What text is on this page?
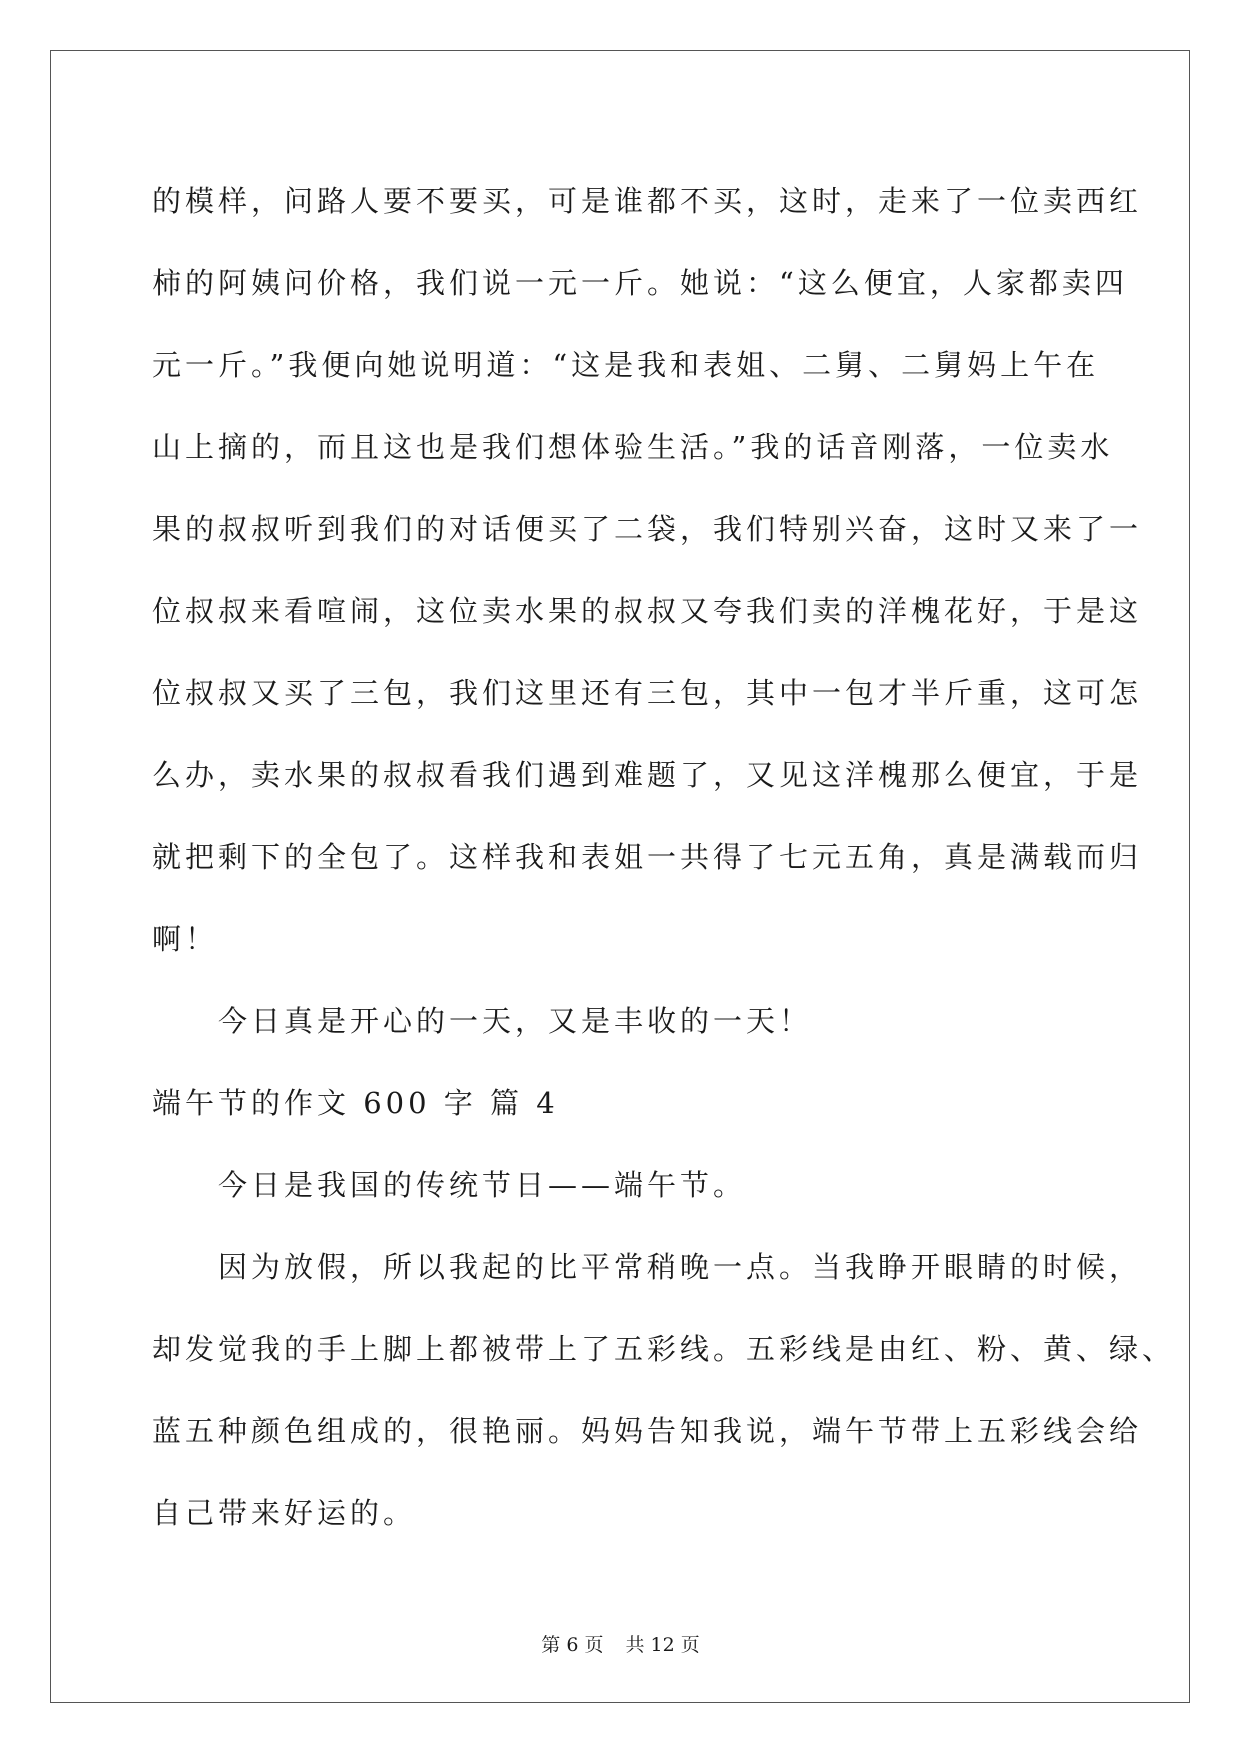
的模样，问路人要不要买，可是谁都不买，这时，走来了一位卖西红

柿的阿姨问价格，我们说一元一斤。她说：“这么便宜，人家都卖四

元一斤。”我便向她说明道：“这是我和表姐、二舅、二舅妈上午在

山上摘的，而且这也是我们想体验生活。”我的话音刚落，一位卖水

果的叔叔听到我们的对话便买了二袋，我们特别兴奋，这时又来了一

位叔叔来看喧闹，这位卖水果的叔叔又夸我们卖的洋槐花好，于是这

位叔叔又买了三包，我们这里还有三包，其中一包才半斤重，这可怎

么办，卖水果的叔叔看我们遇到难题了，又见这洋槐那么便宜，于是

就把剩下的全包了。这样我和表姐一共得了七元五角，真是满载而归

啊！

今日真是开心的一天，又是丰收的一天！

端午节的作文 600 字 篇 4

今日是我国的传统节日——端午节。

因为放假，所以我起的比平常稍晚一点。当我睁开眼睛的时候，

却发觉我的手上脚上都被带上了五彩线。五彩线是由红、粉、黄、绿、

蓝五种颜色组成的，很艳丽。妈妈告知我说，端午节带上五彩线会给

自己带来好运的。

第 6 页 共 12 页
